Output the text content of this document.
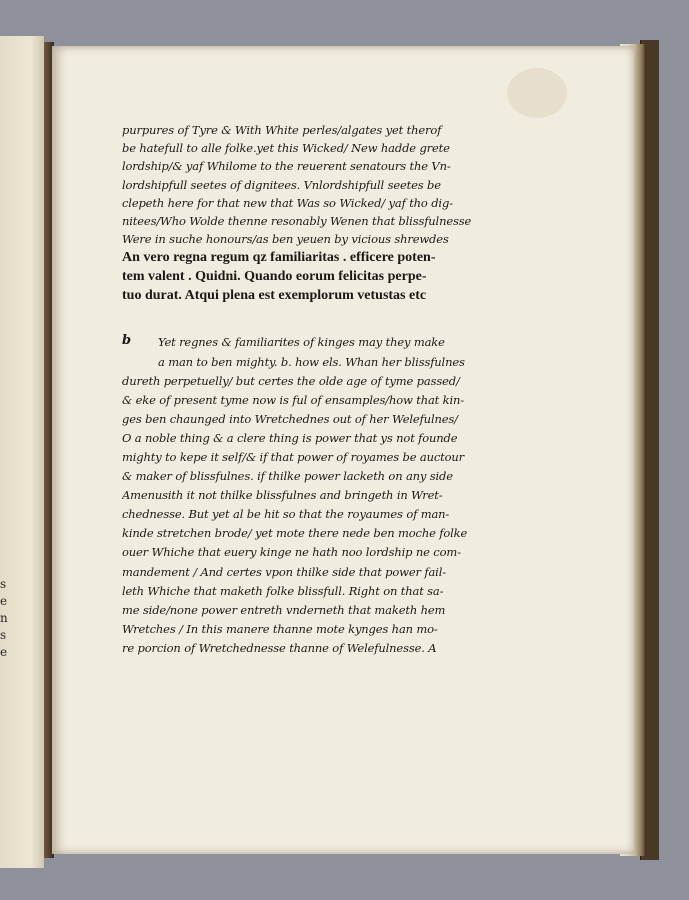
s
e
n
s
e

purpures of Tyre & With White perles/algates yet therof
be hatefull to alle folke.yet this Wicked/ New hadde grete
lordship/& yaf Whilome to the reuerent senatours the Vn-
lordshipfull seetes of dignitees. Vnlordshipfull seetes be
clepeth here for that new that Was so Wicked/ yaf tho dig-
nitees/Who Wolde thenne resonably Wenen that blissfulnesse
Were in suche honours/as ben yeuen by vicious shrewdes

An vero regna regum qz familiaritas . efficere poten-
tem valent . Quidni. Quando eorum felicitas perpe-
tuo durat. Atqui plena est exemplorum vetustas etc

b	Yet regnes & familiarites of kinges may they make
a man to ben mighty. b. how els. Whan her blissfulnes
dureth perpetuelly/ but certes the olde age of tyme passed/
& eke of present tyme now is ful of ensamples/how that kin-
ges ben chaunged into Wretchednes out of her Welefulnes/
O a noble thing & a clere thing is power that ys not founde
mighty to kepe it self/& if that power of royames be auctour
& maker of blissfulnes. if thilke power lacketh on any side
Amenusith it not thilke blissfulnes and bringeth in Wret-
chednesse. But yet al be hit so that the royaumes of man-
kinde stretchen brode/ yet mote there nede ben moche folke
ouer Whiche that euery kinge ne hath noo lordship ne com-
mandement / And certes vpon thilke side that power fail-
leth Whiche that maketh folke blissfull. Right on that sa-
me side/none power entreth vnderneth that maketh hem
Wretches / In this manere thanne mote kynges han mo-
re porcion of Wretchednesse thanne of Welefulnesse. A
